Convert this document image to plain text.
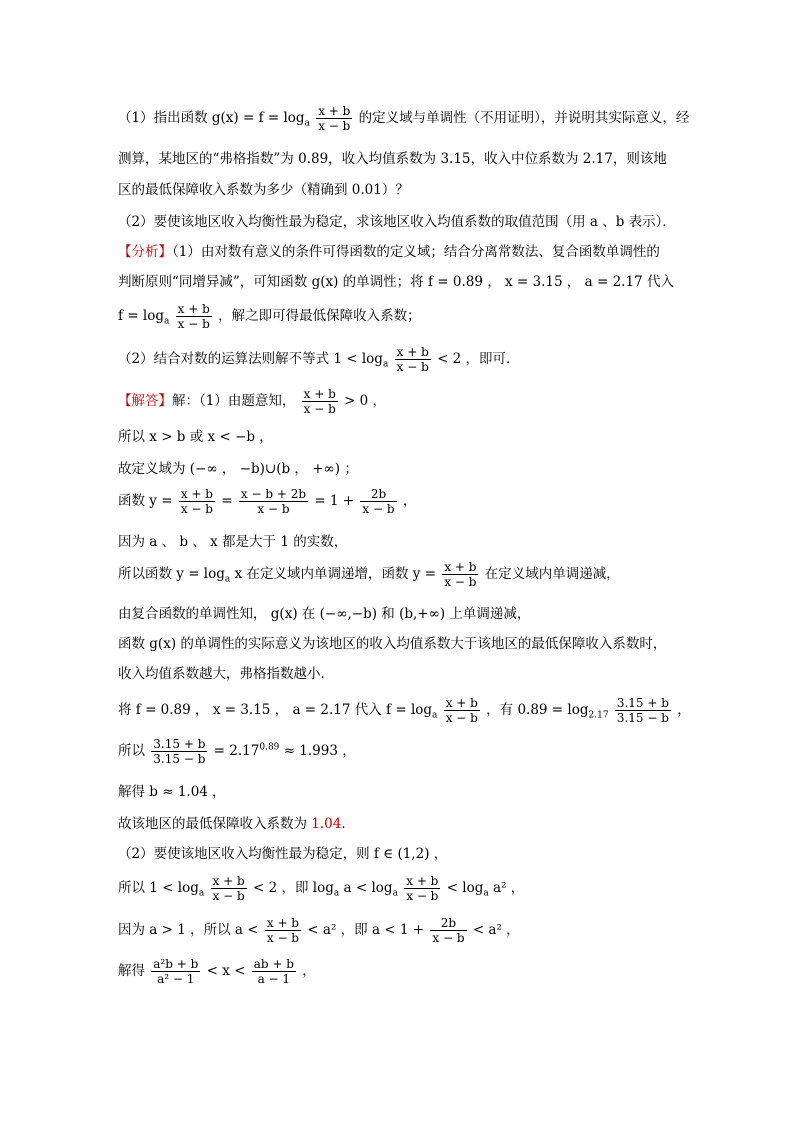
（1）指出函数 $g(x) = f = \log_a \frac{x + b}{x - b}$ 的定义域与单调性（不用证明），并说明其实际意义，经
测算，某地区的“弗格指数”为 0.89，收入均值系数为 3.15，收入中位系数为 2.17，则该地
区的最低保障收入系数为多少（精确到 0.01）？
（2）要使该地区收入均衡性最为稳定，求该地区收入均值系数的取值范围（用 a 、b 表示）．
【分析】（1）由对数有意义的条件可得函数的定义域；结合分离常数法、复合函数单调性的
判断原则“同增异减”，可知函数 g(x) 的单调性；将 f = 0.89 ， x = 3.15 ， a = 2.17 代入
$f = \log_a \frac{x + b}{x - b}$ ，解之即可得最低保障收入系数；
（2）结合对数的运算法则解不等式 $1 < \log_a \frac{x + b}{x - b} < 2$ ，即可．
【解答】解：（1）由题意知， $\frac{x + b}{x - b} > 0$ ，
所以 x > b 或 x < −b ，
故定义域为 (−∞ ， −b)∪(b ， +∞) ；
函数 $y = \frac{x + b}{x - b} = \frac{x - b + 2b}{x - b} = 1 + \frac{2b}{x - b}$ ，
因为 a 、 b 、 x 都是大于 1 的实数，
所以函数 $y = \log_a x$ 在定义域内单调递增，函数 $y = \frac{x + b}{x - b}$ 在定义域内单调递减，
由复合函数的单调性知， g(x) 在 (−∞,−b) 和 (b,+∞) 上单调递减，
函数 g(x) 的单调性的实际意义为该地区的收入均值系数大于该地区的最低保障收入系数时，
收入均值系数越大，弗格指数越小．
将 f = 0.89 ， x = 3.15 ， a = 2.17 代入 $f = \log_a \frac{x + b}{x - b}$ ，有 $0.89 = \log_{2.17} \frac{3.15 + b}{3.15 - b}$ ，
所以 $\frac{3.15 + b}{3.15 - b} = 2.17^{0.89} \approx 1.993$ ，
解得 b ≈ 1.04 ，
故该地区的最低保障收入系数为 1.04．
（2）要使该地区收入均衡性最为稳定，则 f ∈ (1,2) ，
所以 $1 < \log_a \frac{x + b}{x - b} < 2$ ，即 $\log_a a < \log_a \frac{x + b}{x - b} < \log_a a^2$ ，
因为 a > 1 ，所以 $a < \frac{x + b}{x - b} < a^2$ ，即 $a < 1 + \frac{2b}{x - b} < a^2$ ，
解得 $\frac{\text{a²b + b}}{\text{a² − 1}} < x < \frac{ab + b}{a - 1}$ ，
